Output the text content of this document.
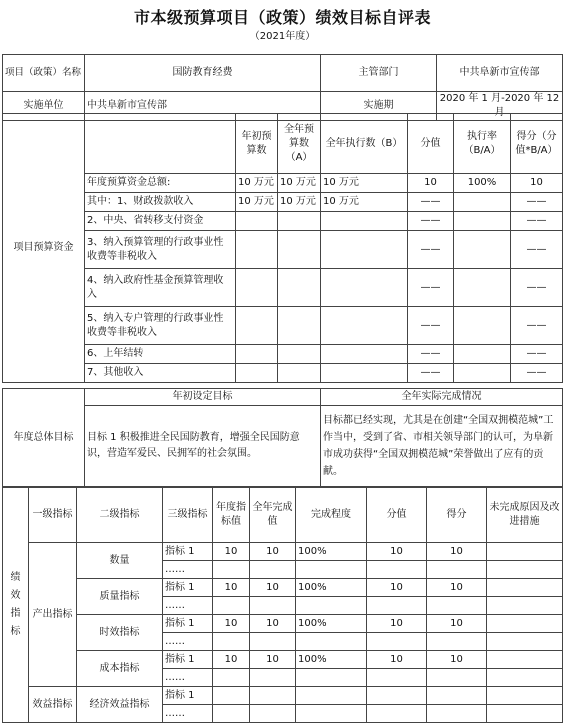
市本级预算项目（政策）绩效目标自评表
（2021年度）
项目（政策）名称	国防教育经费	主管部门	中共阜新市宣传部
实施单位	中共阜新市宣传部	实施期	2020 年 1 月-2020 年 12 月
项目预算资金		年初预算数	全年预算数（A）	全年执行数（B）	分值	执行率（B/A）	得分（分值*B/A）
	年度预算资金总额:	10 万元	10 万元	10 万元	10	100%	10
	其中：1、财政拨款收入	10 万元	10 万元	10 万元	——		——
	2、中央、省转移支付资金				——		——
	3、纳入预算管理的行政事业性收费等非税收入				——		——
	4、纳入政府性基金预算管理收入				——		——
	5、纳入专户管理的行政事业性收费等非税收入				——		——
	6、上年结转				——		——
	7、其他收入				——		——
年度总体目标	年初设定目标	全年实际完成情况
	目标 1 积极推进全民国防教育，增强全民国防意识，营造军爱民、民拥军的社会氛围。	目标都已经实现，尤其是在创建“全国双拥模范城”工作当中，受到了省、市相关领导部门的认可，为阜新市成功获得“全国双拥模范城”荣誉做出了应有的贡献。
绩
效
指
标	一级指标	二级指标	三级指标	年度指标值	全年完成值	完成程度	分值	得分	未完成原因及改进措施
	产出指标	数量	指标 1	10	10	100%	10	10	
			……						
		质量指标	指标 1	10	10	100%	10	10	
			……						
		时效指标	指标 1	10	10	100%	10	10	
			……						
		成本指标	指标 1	10	10	100%	10	10	
			……						
	效益指标	经济效益指标	指标 1						
			……						
